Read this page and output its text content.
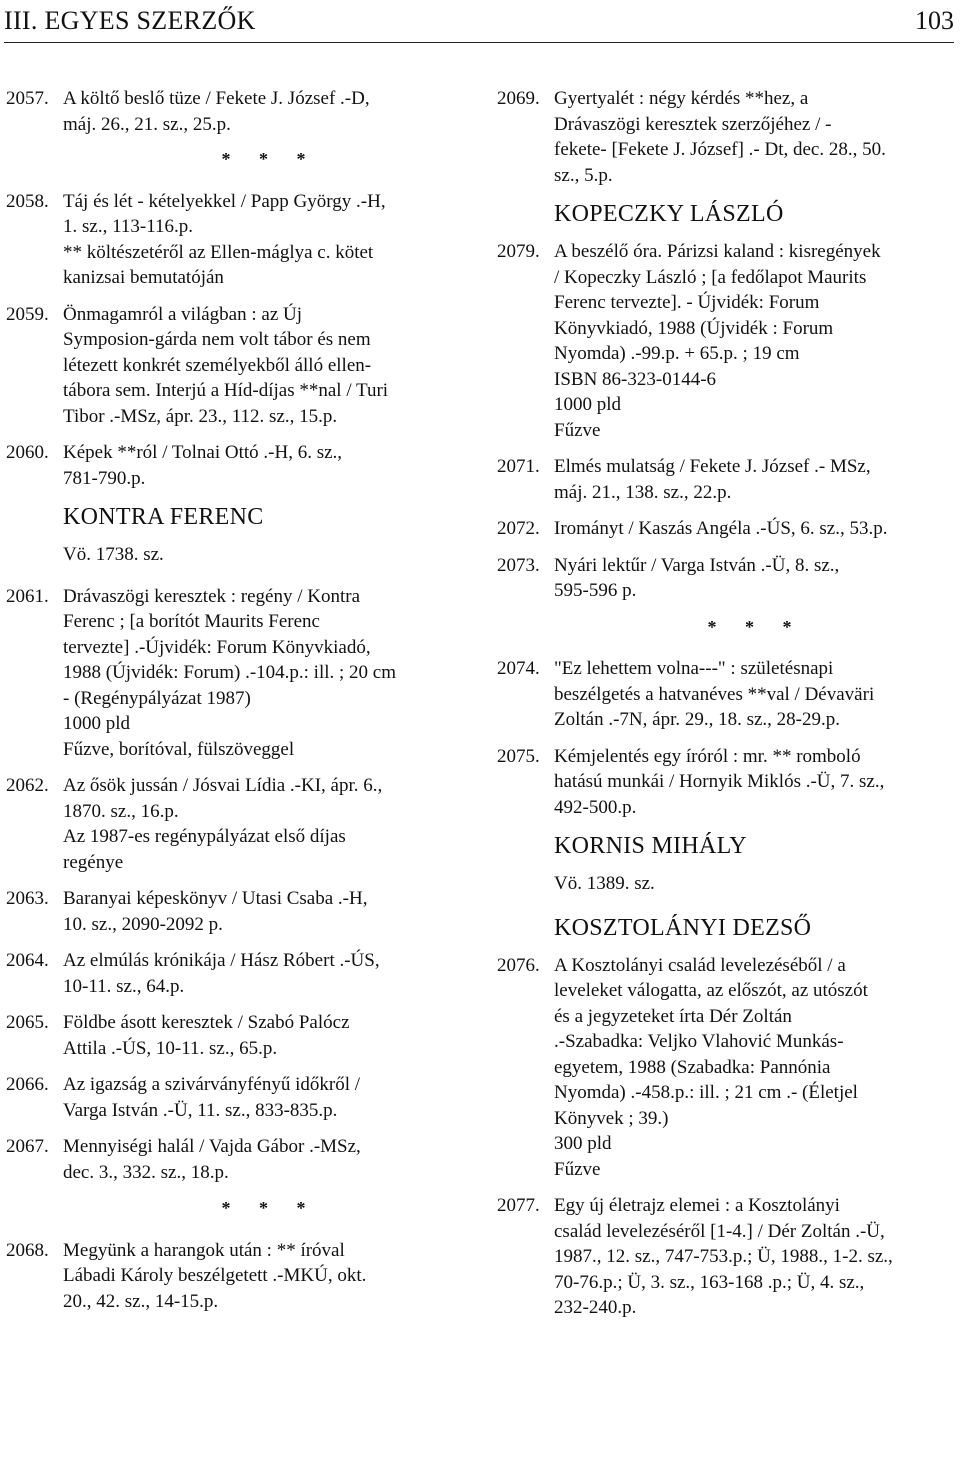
III. EGYES SZERZŐK	103
2057. A költő beslő tüze / Fekete J. József .-D,
máj. 26., 21. sz., 25.p.
* * *
2058. Táj és lét - kételyekkel / Papp György .-H,
1. sz., 113-116.p.
** költészetéről az Ellen-máglya c. kötet
kanizsai bemutatóján
2059. Önmagamról a világban : az Új
Symposion-gárda nem volt tábor és nem
létezett konkrét személyekből álló ellen-
tábora sem. Interjú a Híd-díjas **nal / Turi
Tibor .-MSz, ápr. 23., 112. sz., 15.p.
2060. Képek **ról / Tolnai Ottó .-H, 6. sz.,
781-790.p.
KONTRA FERENC
Vö. 1738. sz.
2061. Drávaszögi keresztek : regény / Kontra
Ferenc ; [a borítót Maurits Ferenc
tervezte] .-Újvidék: Forum Könyvkiadó,
1988 (Újvidék: Forum) .-104.p.: ill. ; 20 cm
- (Regénypályázat 1987)
1000 pld
Fűzve, borítóval, fülszöveggel
2062. Az ősök jussán / Jósvai Lídia .-KI, ápr. 6.,
1870. sz., 16.p.
Az 1987-es regénypályázat első díjas
regénye
2063. Baranyai képeskönyv / Utasi Csaba .-H,
10. sz., 2090-2092 p.
2064. Az elmúlás krónikája / Hász Róbert .-ÚS,
10-11. sz., 64.p.
2065. Földbe ásott keresztek / Szabó Palócz
Attila .-ÚS, 10-11. sz., 65.p.
2066. Az igazság a szivárványfényű időkről /
Varga István .-Ü, 11. sz., 833-835.p.
2067. Mennyiségi halál / Vajda Gábor .-MSz,
dec. 3., 332. sz., 18.p.
* * *
2068. Megyünk a harangok után : ** íróval
Lábadi Károly beszélgetett .-MKÚ, okt.
20., 42. sz., 14-15.p.
2069. Gyertyalét : négy kérdés **hez, a
Drávaszögi keresztek szerzőjéhez / -
fekete- [Fekete J. József] .- Dt, dec. 28., 50.
sz., 5.p.
KOPECZKY LÁSZLÓ
2079. A beszélő óra. Párizsi kaland : kisregények
/ Kopeczky László ; [a fedőlapot Maurits
Ferenc tervezte]. - Újvidék: Forum
Könyvkiadó, 1988 (Újvidék : Forum
Nyomda) .-99.p. + 65.p. ; 19 cm
ISBN 86-323-0144-6
1000 pld
Fűzve
2071. Elmés mulatság / Fekete J. József .- MSz,
máj. 21., 138. sz., 22.p.
2072. Irományt / Kaszás Angéla .-ÚS, 6. sz., 53.p.
2073. Nyári lektűr / Varga István .-Ü, 8. sz.,
595-596 p.
* * *
2074. "Ez lehettem volna---" : születésnapi
beszélgetés a hatvanéves **val / Dévaväri
Zoltán .-7N, ápr. 29., 18. sz., 28-29.p.
2075. Kémjelentés egy íróról : mr. ** romboló
hatású munkái / Hornyik Miklós .-Ü, 7. sz.,
492-500.p.
KORNIS MIHÁLY
Vö. 1389. sz.
KOSZTOLÁNYI DEZSŐ
2076. A Kosztolányi család levelezéséből / a
leveleket válogatta, az előszót, az utószót
és a jegyzeteket írta Dér Zoltán
.-Szabadka: Veljko Vlahović Munkás-
egyetem, 1988 (Szabadka: Pannónia
Nyomda) .-458.p.: ill. ; 21 cm .- (Életjel
Könyvek ; 39.)
300 pld
Fűzve
2077. Egy új életrajz elemei : a Kosztolányi
család levelezéséről [1-4.] / Dér Zoltán .-Ü,
1987., 12. sz., 747-753.p.; Ü, 1988., 1-2. sz.,
70-76.p.; Ü, 3. sz., 163-168 .p.; Ü, 4. sz.,
232-240.p.
